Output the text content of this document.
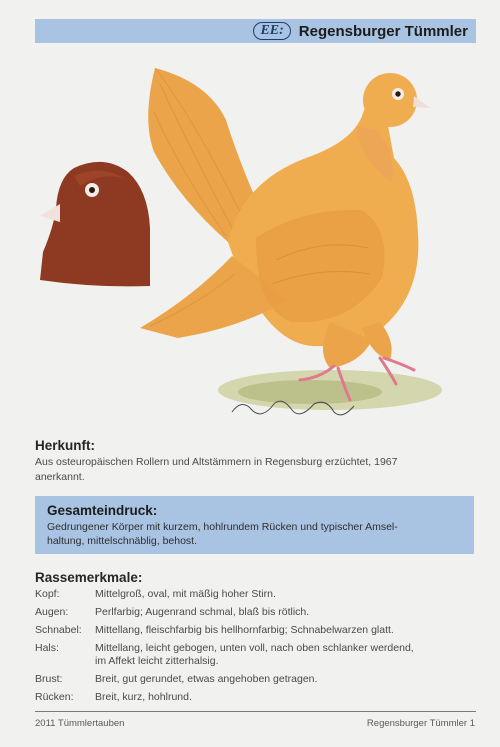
EE:	Regensburger Tümmler
Herkunft:

Aus osteuropäischen Rollern und Altstämmern in Regensburg erzüchtet, 1967
anerkannt.

Gesamteindruck:

Gedrungener Körper mit kurzem, hohlrundem Rücken und typischer Amsel-
haltung, mittelschnäblig, behost.

Rassemerkmale:
Kopf:	Mittelgroß, oval, mit mäßig hoher Stirn.
Augen:	Perlfarbig; Augenrand schmal, blaß bis rötlich.
Schnabel:	Mittellang, fleischfarbig bis hellhornfarbig; Schnabelwarzen glatt.
Hals:	Mittellang, leicht gebogen, unten voll, nach oben schlanker werdend,
im Affekt leicht zitterhalsig.
Brust:	Breit, gut gerundet, etwas angehoben getragen.
Rücken:	Breit, kurz, hohlrund.
2011 Tümmlertauben	Regensburger Tümmler 1
